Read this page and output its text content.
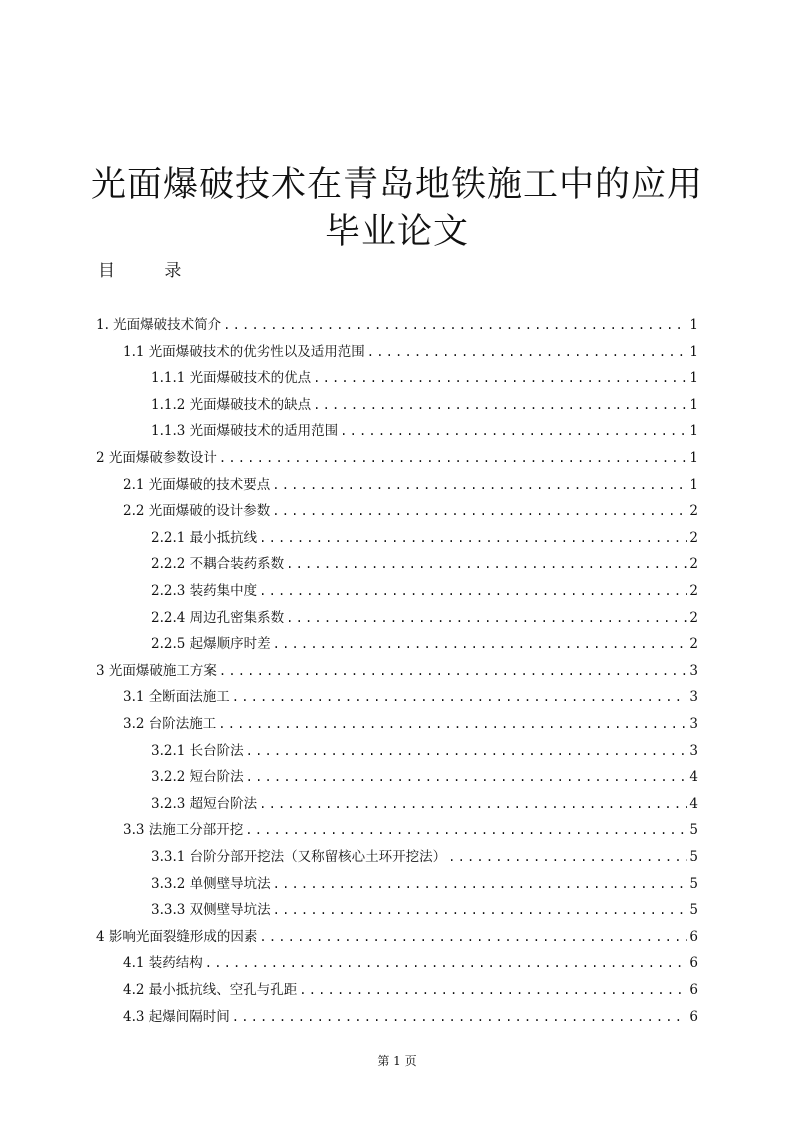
光面爆破技术在青岛地铁施工中的应用
毕业论文
目 录
1. 光面爆破技术简介 .....	1
1.1 光面爆破技术的优劣性以及适用范围 .....	1
1.1.1 光面爆破技术的优点 .....	1
1.1.2 光面爆破技术的缺点 .....	1
1.1.3 光面爆破技术的适用范围 .....	1
2 光面爆破参数设计 .....	1
2.1 光面爆破的技术要点 .....	1
2.2 光面爆破的设计参数 .....	2
2.2.1 最小抵抗线 .....	2
2.2.2 不耦合装药系数 .....	2
2.2.3 装药集中度 .....	2
2.2.4 周边孔密集系数 .....	2
2.2.5 起爆顺序时差 .....	2
3 光面爆破施工方案 .....	3
3.1 全断面法施工 .....	3
3.2 台阶法施工 .....	3
3.2.1 长台阶法 .....	3
3.2.2 短台阶法 .....	4
3.2.3 超短台阶法 .....	4
3.3 法施工分部开挖 .....	5
3.3.1 台阶分部开挖法（又称留核心土环开挖法） .....	5
3.3.2 单侧壁导坑法 .....	5
3.3.3 双侧壁导坑法 .....	5
4 影响光面裂缝形成的因素 .....	6
4.1 装药结构 .....	6
4.2 最小抵抗线、空孔与孔距 .....	6
4.3 起爆间隔时间 .....	6
第 1 页
